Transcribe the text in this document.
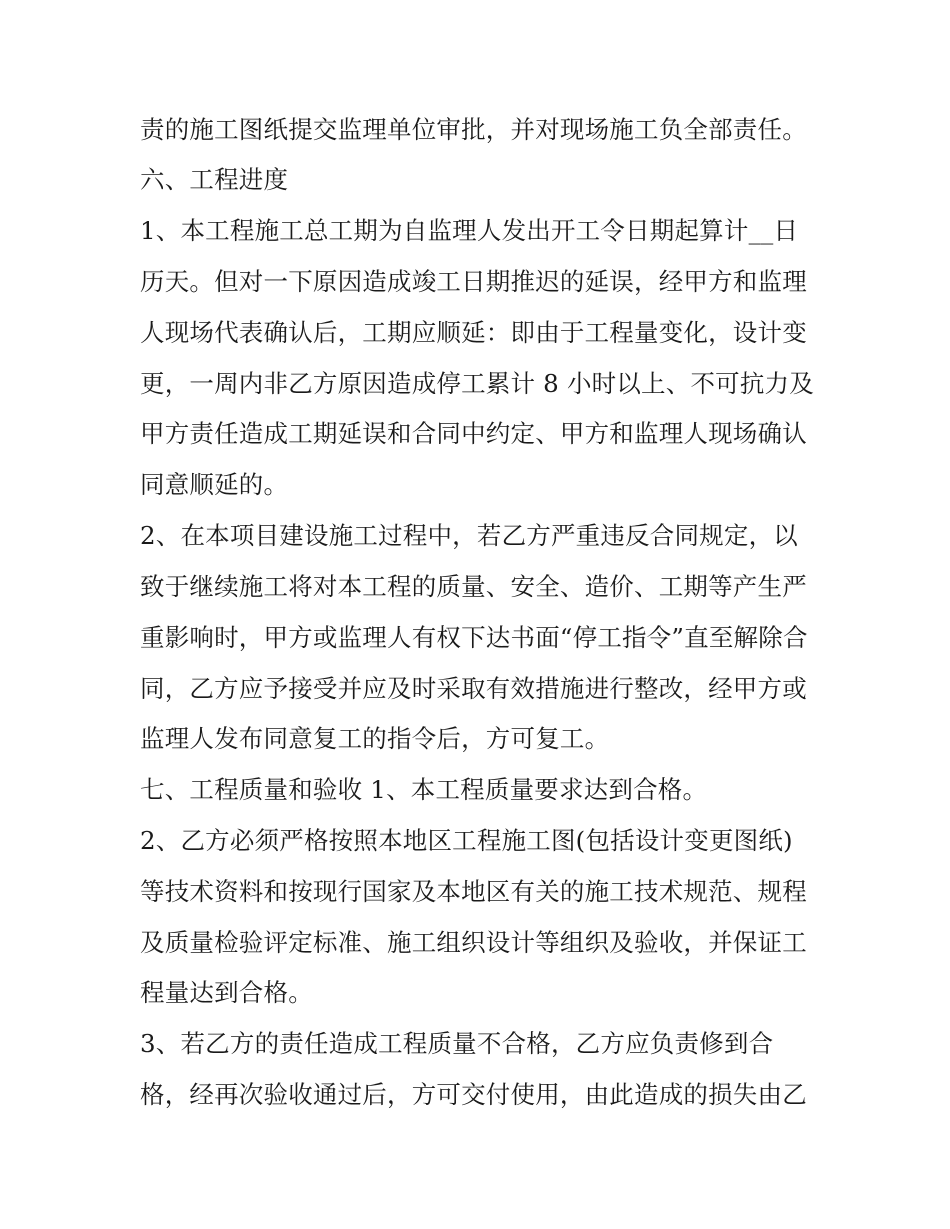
责的施工图纸提交监理单位审批，并对现场施工负全部责任。
六、工程进度
1、本工程施工总工期为自监理人发出开工令日期起算计__日
历天。但对一下原因造成竣工日期推迟的延误，经甲方和监理
人现场代表确认后，工期应顺延：即由于工程量变化，设计变
更，一周内非乙方原因造成停工累计 8 小时以上、不可抗力及
甲方责任造成工期延误和合同中约定、甲方和监理人现场确认
同意顺延的。
2、在本项目建设施工过程中，若乙方严重违反合同规定，以
致于继续施工将对本工程的质量、安全、造价、工期等产生严
重影响时，甲方或监理人有权下达书面“停工指令”直至解除合
同，乙方应予接受并应及时采取有效措施进行整改，经甲方或
监理人发布同意复工的指令后，方可复工。
七、工程质量和验收 1、本工程质量要求达到合格。
2、乙方必须严格按照本地区工程施工图(包括设计变更图纸)
等技术资料和按现行国家及本地区有关的施工技术规范、规程
及质量检验评定标准、施工组织设计等组织及验收，并保证工
程量达到合格。
3、若乙方的责任造成工程质量不合格，乙方应负责修到合
格，经再次验收通过后，方可交付使用，由此造成的损失由乙
